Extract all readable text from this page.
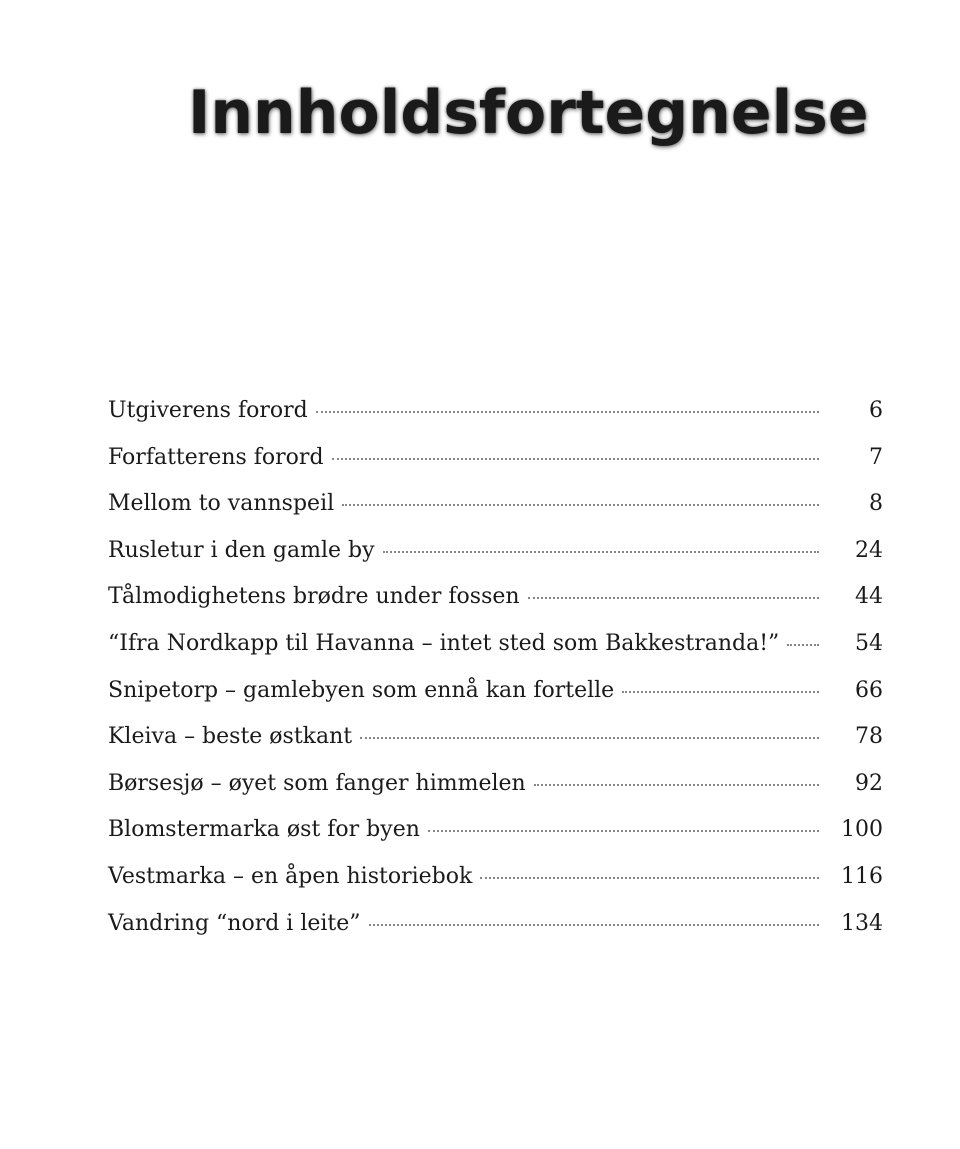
Innholdsfortegnelse
Utgiverens forord	6
Forfatterens forord	7
Mellom to vannspeil	8
Rusletur i den gamle by	24
Tålmodighetens brødre under fossen	44
“Ifra Nordkapp til Havanna – intet sted som Bakkestranda!”	54
Snipetorp – gamlebyen som ennå kan fortelle	66
Kleiva – beste østkant	78
Børsesjø – øyet som fanger himmelen	92
Blomstermarka øst for byen	100
Vestmarka – en åpen historiebok	116
Vandring “nord i leite”	134
